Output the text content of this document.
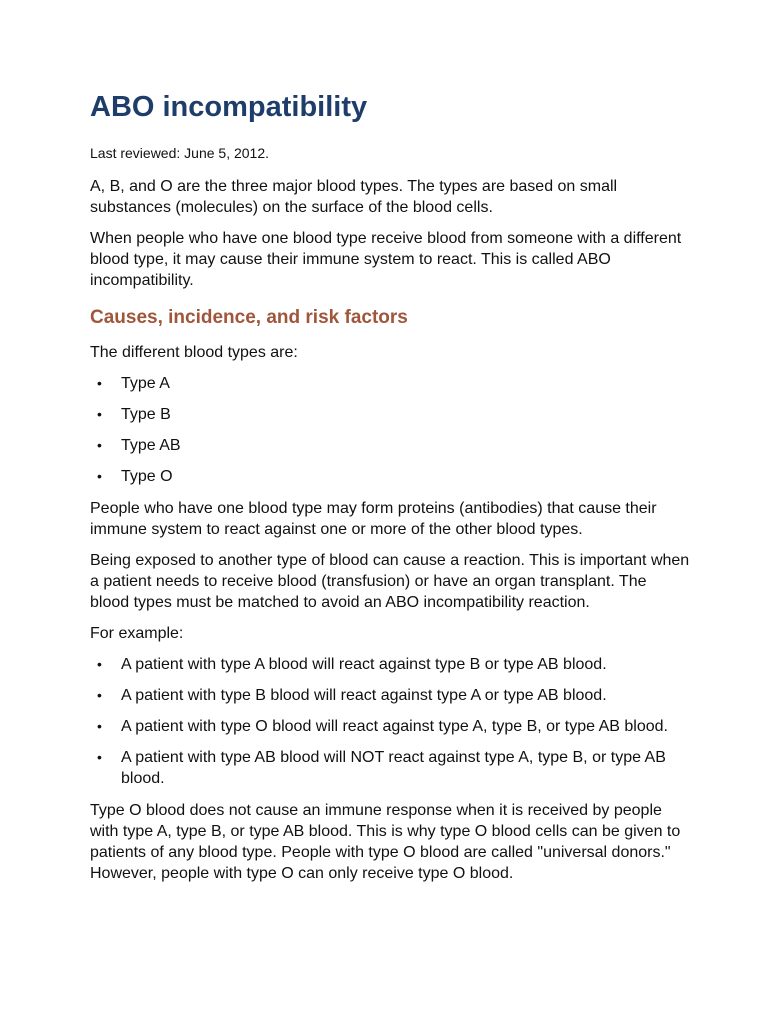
ABO incompatibility

Last reviewed: June 5, 2012.

A, B, and O are the three major blood types. The types are based on small substances (molecules) on the surface of the blood cells.

When people who have one blood type receive blood from someone with a different blood type, it may cause their immune system to react. This is called ABO incompatibility.

Causes, incidence, and risk factors

The different blood types are:

• Type A
• Type B
• Type AB
• Type O

People who have one blood type may form proteins (antibodies) that cause their immune system to react against one or more of the other blood types.

Being exposed to another type of blood can cause a reaction. This is important when a patient needs to receive blood (transfusion) or have an organ transplant. The blood types must be matched to avoid an ABO incompatibility reaction.

For example:

• A patient with type A blood will react against type B or type AB blood.
• A patient with type B blood will react against type A or type AB blood.
• A patient with type O blood will react against type A, type B, or type AB blood.
• A patient with type AB blood will NOT react against type A, type B, or type AB blood.

Type O blood does not cause an immune response when it is received by people with type A, type B, or type AB blood. This is why type O blood cells can be given to patients of any blood type. People with type O blood are called "universal donors." However, people with type O can only receive type O blood.
